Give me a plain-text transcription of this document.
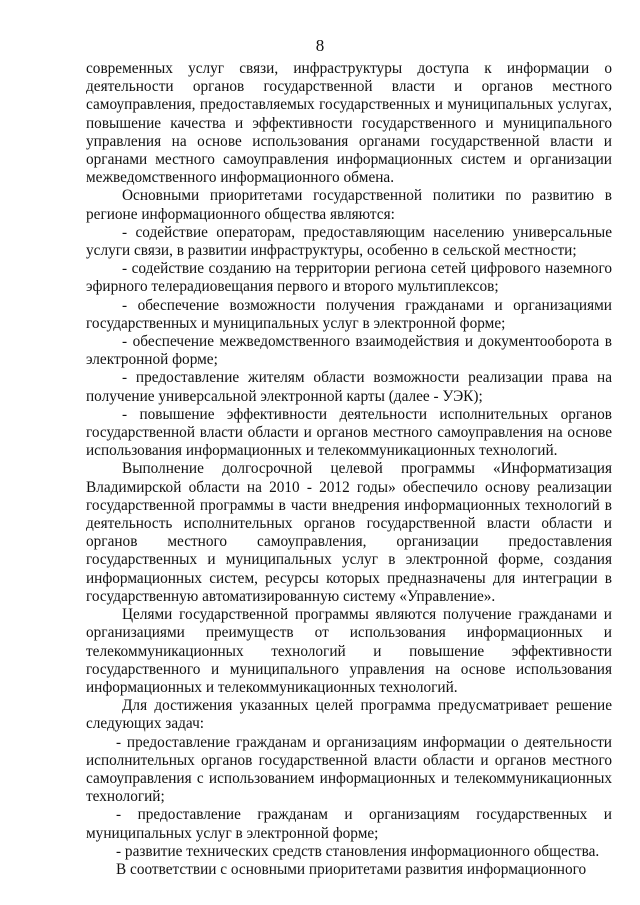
8

современных услуг связи, инфраструктуры доступа к информации о деятельности органов государственной власти и органов местного самоуправления, предоставляемых государственных и муниципальных услугах, повышение качества и эффективности государственного и муниципального управления на основе использования органами государственной власти и органами местного самоуправления информационных систем и организации межведомственного информационного обмена.

Основными приоритетами государственной политики по развитию в регионе информационного общества являются:

- содействие операторам, предоставляющим населению универсальные услуги связи, в развитии инфраструктуры, особенно в сельской местности;

- содействие созданию на территории региона сетей цифрового наземного эфирного телерадиовещания первого и второго мультиплексов;

- обеспечение возможности получения гражданами и организациями государственных и муниципальных услуг в электронной форме;

- обеспечение межведомственного взаимодействия и документооборота в электронной форме;

- предоставление жителям области возможности реализации права на получение универсальной электронной карты (далее - УЭК);

- повышение эффективности деятельности исполнительных органов государственной власти области и органов местного самоуправления на основе использования информационных и телекоммуникационных технологий.

Выполнение долгосрочной целевой программы «Информатизация Владимирской области на 2010 - 2012 годы» обеспечило основу реализации государственной программы в части внедрения информационных технологий в деятельность исполнительных органов государственной власти области и органов местного самоуправления, организации предоставления государственных и муниципальных услуг в электронной форме, создания информационных систем, ресурсы которых предназначены для интеграции в государственную автоматизированную систему «Управление».

Целями государственной программы являются получение гражданами и организациями преимуществ от использования информационных и телекоммуникационных технологий и повышение эффективности государственного и муниципального управления на основе использования информационных и телекоммуникационных технологий.

Для достижения указанных целей программа предусматривает решение следующих задач:

- предоставление гражданам и организациям информации о деятельности исполнительных органов государственной власти области и органов местного самоуправления с использованием информационных и телекоммуникационных технологий;

- предоставление гражданам и организациям государственных и муниципальных услуг в электронной форме;

- развитие технических средств становления информационного общества.

В соответствии с основными приоритетами развития информационного
